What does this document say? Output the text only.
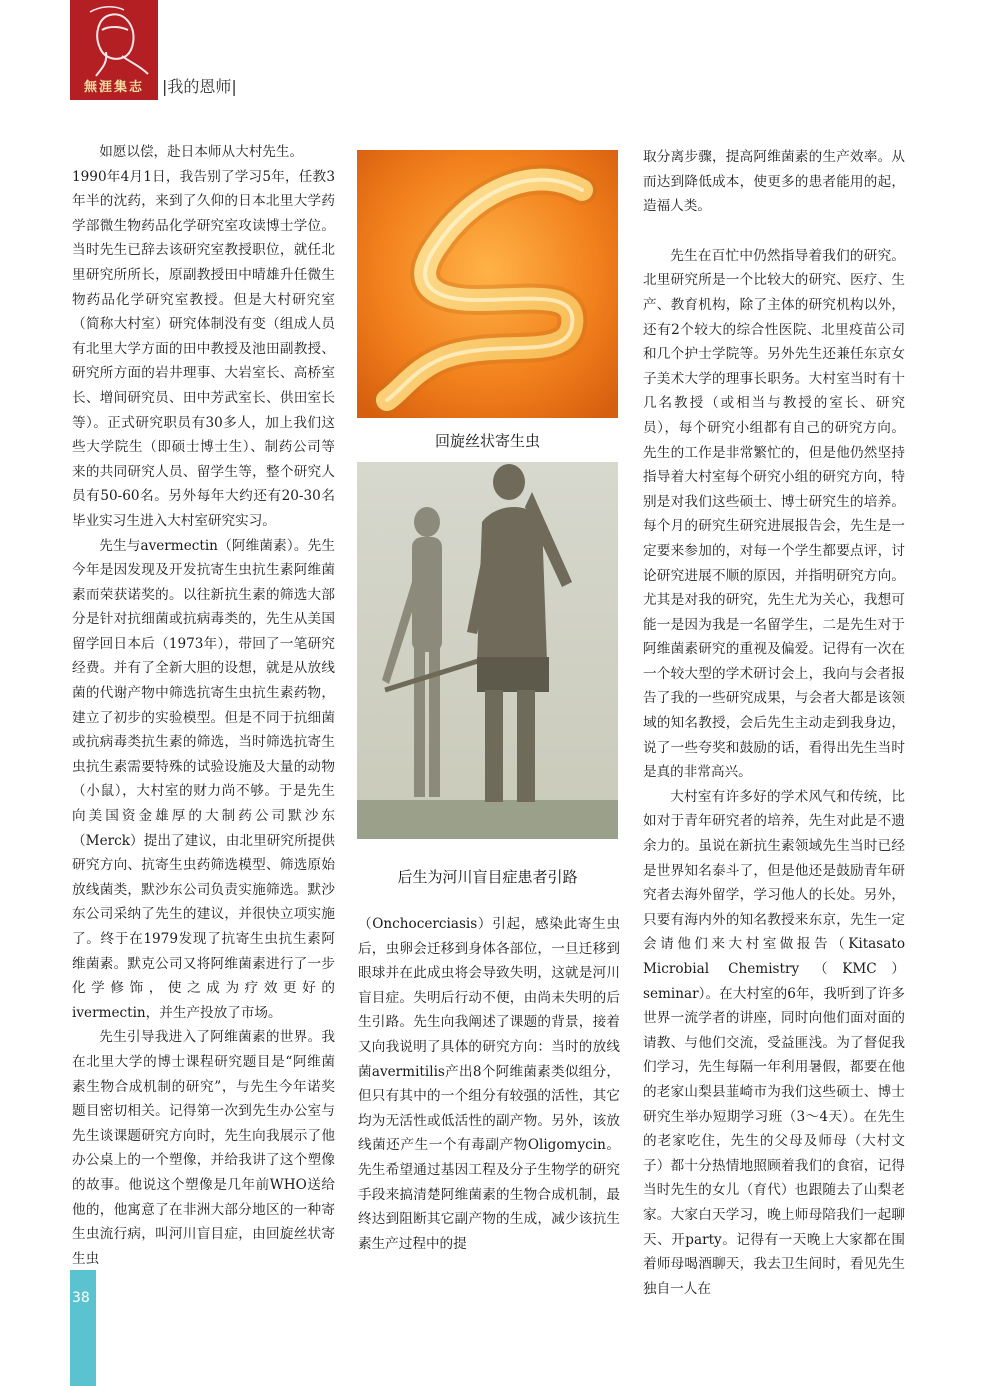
無涯集志	|我的恩师|

如愿以偿，赴日本师从大村先生。

1990年4月1日，我告别了学习5年，任教3年半的沈药，来到了久仰的日本北里大学药学部微生物药品化学研究室攻读博士学位。当时先生已辞去该研究室教授职位，就任北里研究所所长，原副教授田中晴雄升任微生物药品化学研究室教授。但是大村研究室（简称大村室）研究体制没有变（组成人员有北里大学方面的田中教授及池田副教授、研究所方面的岩井理事、大岩室长、高桥室长、增间研究员、田中芳武室长、供田室长等）。正式研究职员有30多人，加上我们这些大学院生（即硕士博士生）、制药公司等来的共同研究人员、留学生等，整个研究人员有50-60名。另外每年大约还有20-30名毕业实习生进入大村室研究实习。

先生与avermectin（阿维菌素）。先生今年是因发现及开发抗寄生虫抗生素阿维菌素而荣获诺奖的。以往新抗生素的筛选大部分是针对抗细菌或抗病毒类的，先生从美国留学回日本后（1973年），带回了一笔研究经费。并有了全新大胆的设想，就是从放线菌的代谢产物中筛选抗寄生虫抗生素药物，建立了初步的实验模型。但是不同于抗细菌或抗病毒类抗生素的筛选，当时筛选抗寄生虫抗生素需要特殊的试验设施及大量的动物（小鼠），大村室的财力尚不够。于是先生向美国资金雄厚的大制药公司默沙东（Merck）提出了建议，由北里研究所提供研究方向、抗寄生虫药筛选模型、筛选原始放线菌类，默沙东公司负责实施筛选。默沙东公司采纳了先生的建议，并很快立项实施了。终于在1979发现了抗寄生虫抗生素阿维菌素。默克公司又将阿维菌素进行了一步化学修饰，使之成为疗效更好的ivermectin，并生产投放了市场。

先生引导我进入了阿维菌素的世界。我在北里大学的博士课程研究题目是“阿维菌素生物合成机制的研究”，与先生今年诺奖题目密切相关。记得第一次到先生办公室与先生谈课题研究方向时，先生向我展示了他办公桌上的一个塑像，并给我讲了这个塑像的故事。他说这个塑像是几年前WHO送给他的，他寓意了在非洲大部分地区的一种寄生虫流行病，叫河川盲目症，由回旋丝状寄生虫

回旋丝状寄生虫
后生为河川盲目症患者引路

（Onchocerciasis）引起，感染此寄生虫后，虫卵会迁移到身体各部位，一旦迁移到眼球并在此成虫将会导致失明，这就是河川盲目症。失明后行动不便，由尚未失明的后生引路。先生向我阐述了课题的背景，接着又向我说明了具体的研究方向：当时的放线菌avermitilis产出8个阿维菌素类似组分，但只有其中的一个组分有较强的活性，其它均为无活性或低活性的副产物。另外，该放线菌还产生一个有毒副产物Oligomycin。先生希望通过基因工程及分子生物学的研究手段来搞清楚阿维菌素的生物合成机制，最终达到阻断其它副产物的生成，减少该抗生素生产过程中的提

取分离步骤，提高阿维菌素的生产效率。从而达到降低成本，使更多的患者能用的起，造福人类。

先生在百忙中仍然指导着我们的研究。北里研究所是一个比较大的研究、医疗、生产、教育机构，除了主体的研究机构以外，还有2个较大的综合性医院、北里疫苗公司和几个护士学院等。另外先生还兼任东京女子美术大学的理事长职务。大村室当时有十几名教授（或相当与教授的室长、研究员），每个研究小组都有自己的研究方向。先生的工作是非常繁忙的，但是他仍然坚持指导着大村室每个研究小组的研究方向，特别是对我们这些硕士、博士研究生的培养。每个月的研究生研究进展报告会，先生是一定要来参加的，对每一个学生都要点评，讨论研究进展不顺的原因，并指明研究方向。尤其是对我的研究，先生尤为关心，我想可能一是因为我是一名留学生，二是先生对于阿维菌素研究的重视及偏爱。记得有一次在一个较大型的学术研讨会上，我向与会者报告了我的一些研究成果，与会者大都是该领域的知名教授，会后先生主动走到我身边，说了一些夸奖和鼓励的话，看得出先生当时是真的非常高兴。

大村室有许多好的学术风气和传统，比如对于青年研究者的培养，先生对此是不遗余力的。虽说在新抗生素领域先生当时已经是世界知名泰斗了，但是他还是鼓励青年研究者去海外留学，学习他人的长处。另外，只要有海内外的知名教授来东京，先生一定会请他们来大村室做报告（Kitasato Microbial Chemistry（KMC）seminar）。在大村室的6年，我听到了许多世界一流学者的讲座，同时向他们面对面的请教、与他们交流，受益匪浅。为了督促我们学习，先生每隔一年利用暑假，都要在他的老家山梨县韮崎市为我们这些硕士、博士研究生举办短期学习班（3～4天）。在先生的老家吃住，先生的父母及师母（大村文子）都十分热情地照顾着我们的食宿，记得当时先生的女儿（育代）也跟随去了山梨老家。大家白天学习，晚上师母陪我们一起聊天、开party。记得有一天晚上大家都在围着师母喝酒聊天，我去卫生间时，看见先生独自一人在

38
